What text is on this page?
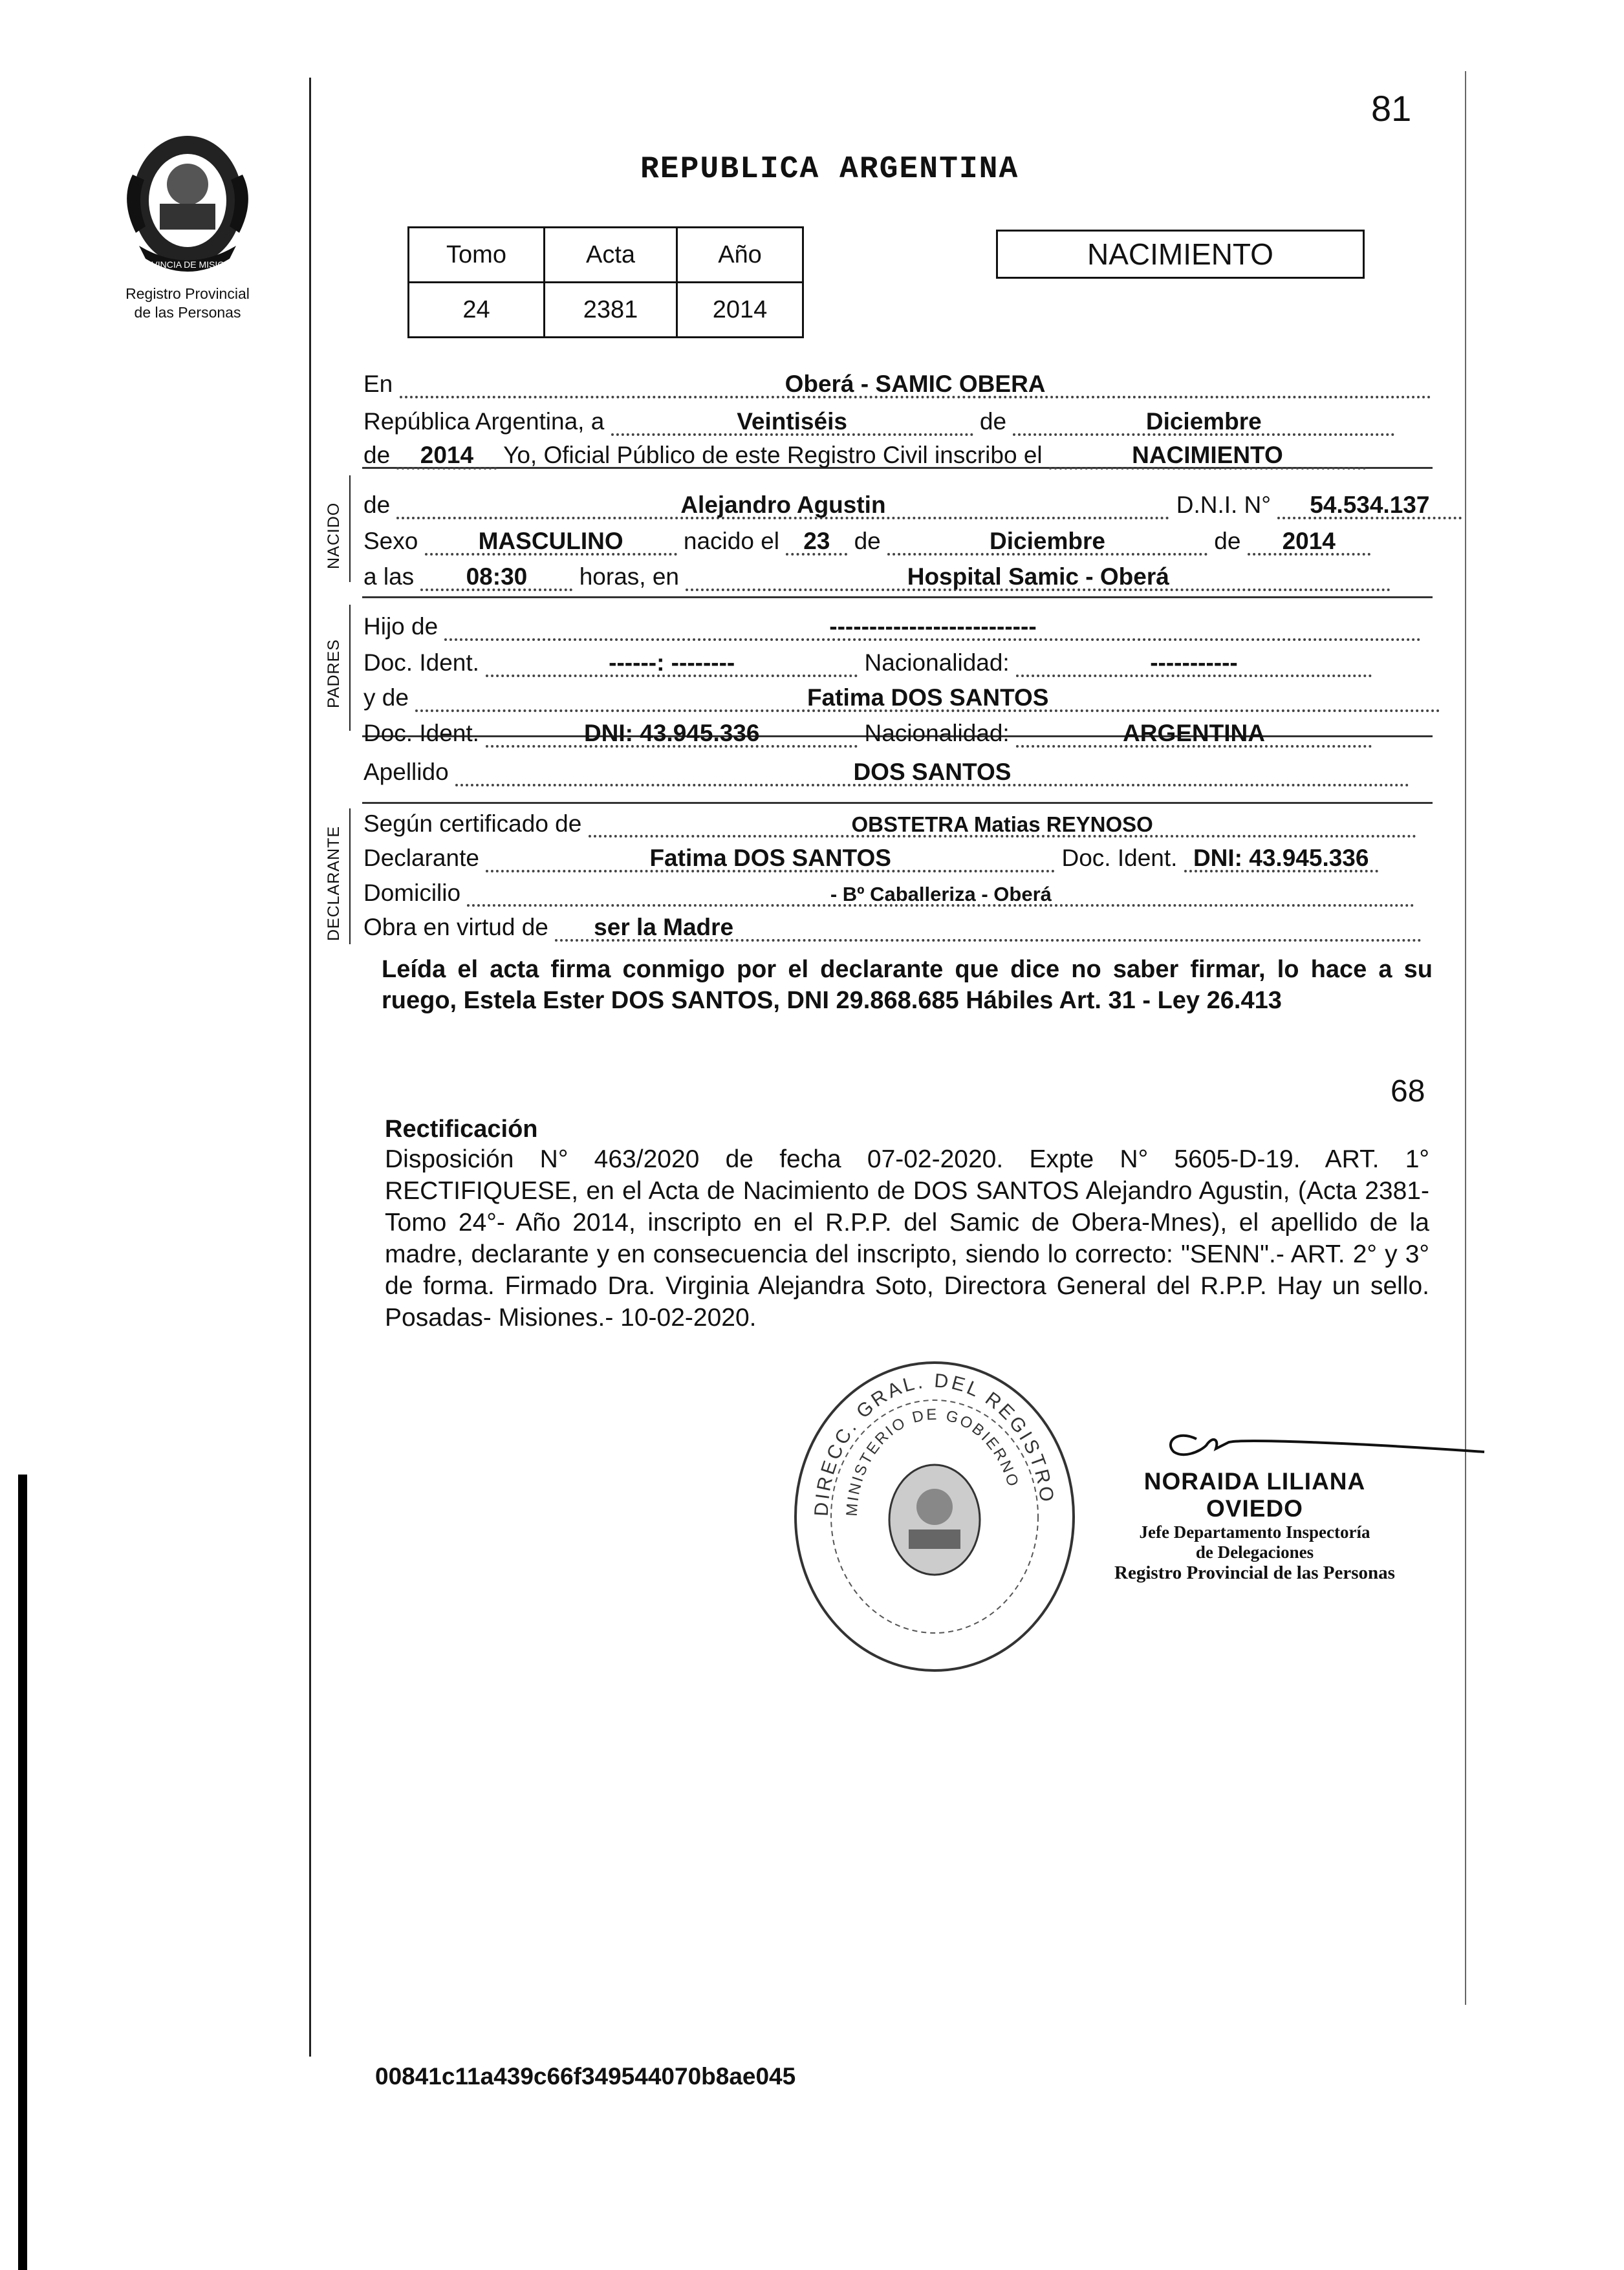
PROVINCIA DE MISIONES
Registro Provincial
de las Personas
81
REPUBLICA ARGENTINA
Tomo	Acta	Año
24	2381	2014
NACIMIENTO
NACIDO
PADRES
DECLARANTE
En	Oberá - SAMIC OBERA
República Argentina, a	Veintiséis	de	Diciembre
de 2014 Yo, Oficial Público de este Registro Civil inscribo el	NACIMIENTO
de	Alejandro Agustin	D.N.I. N° 54.534.137
Sexo	MASCULINO	nacido el 23 de	Diciembre	de 2014
a las 08:30 horas, en	Hospital Samic - Oberá
Hijo de	--------------------------
Doc. Ident.	------: --------	Nacionalidad:	-----------
y de	Fatima DOS SANTOS
Doc. Ident.	DNI: 43.945.336	Nacionalidad:	ARGENTINA
Apellido	DOS SANTOS
Según certificado de	OBSTETRA Matias REYNOSO
Declarante	Fatima DOS SANTOS	Doc. Ident. DNI: 43.945.336
Domicilio	- Bº Caballeriza - Oberá
Obra en virtud de ser la Madre
Leída el acta firma conmigo por el declarante que dice no saber firmar, lo hace a su ruego, Estela Ester DOS SANTOS, DNI 29.868.685 Hábiles Art. 31 - Ley 26.413
68
Rectificación
Disposición N° 463/2020 de fecha 07-02-2020. Expte N° 5605-D-19. ART. 1° RECTIFIQUESE, en el Acta de Nacimiento de DOS SANTOS Alejandro Agustin, (Acta 2381- Tomo 24°- Año 2014, inscripto en el R.P.P. del Samic de Obera-Mnes), el apellido de la madre, declarante y en consecuencia del inscripto, siendo lo correcto: "SENN".- ART. 2° y 3° de forma. Firmado Dra. Virginia Alejandra Soto, Directora General del R.P.P. Hay un sello. Posadas- Misiones.- 10-02-2020.
DIRECC. GRAL. DEL REGISTRO
MINISTERIO DE GOBIERNO	NORAIDA LILIANA OVIEDO
Jefe Departamento Inspectoría
de Delegaciones
Registro Provincial de las Personas
00841c11a439c66f349544070b8ae045
